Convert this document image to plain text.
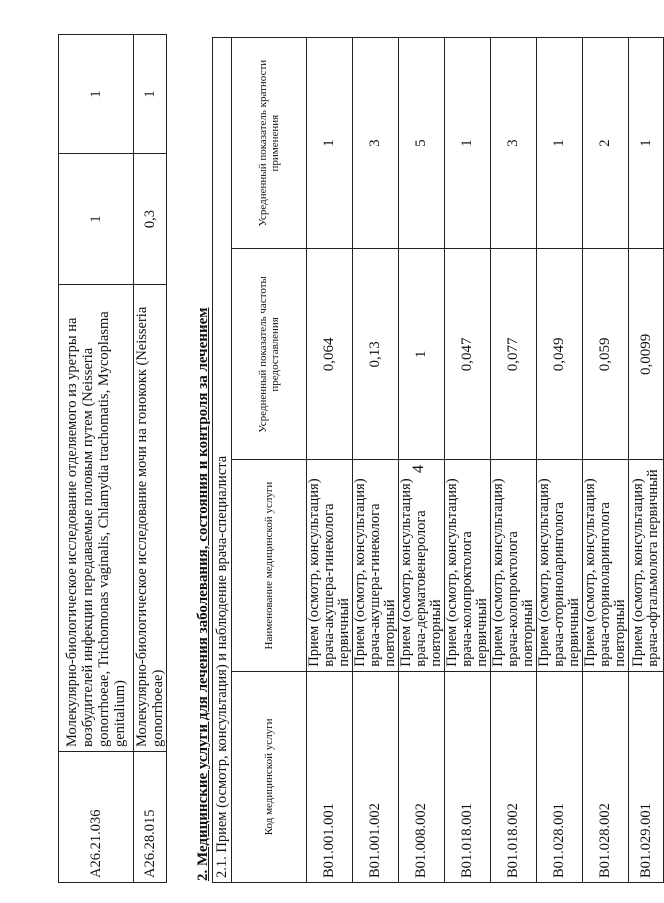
4
A26.21.036	Молекулярно-биологическое исследование отделяемого из уретры на возбудителей инфекции передаваемые половым путем (Neisseria gonorrhoeae, Trichomonas vaginalis, Chlamydia trachomatis, Mycoplasma genitalium)	1	1
A26.28.015	Молекулярно-биологическое исследование мочи на гонококк (Neisseria gonorrhoeae)	0,3	1
2. Медицинские услуги для лечения заболевания, состояния и контроля за лечением 2.1. Прием (осмотр, консультация) и наблюдение врача-специалиста			
Код медицинской услуги	Наименование медицинской услуги	Усредненный показатель частоты предоставления	Усредненный показатель кратности применения
B01.001.001	Прием (осмотр, консультация) врача-акушера-гинеколога первичный	0,064	1
B01.001.002	Прием (осмотр, консультация) врача-акушера-гинеколога повторный	0,13	3
B01.008.002	Прием (осмотр, консультация) врача-дерматовенеролога повторный	1	5
B01.018.001	Прием (осмотр, консультация) врача-колопроктолога первичный	0,047	1
B01.018.002	Прием (осмотр, консультация) врача-колопроктолога повторный	0,077	3
B01.028.001	Прием (осмотр, консультация) врача-оториноларинголога первичный	0,049	1
B01.028.002	Прием (осмотр, консультация) врача-оториноларинголога повторный	0,059	2
B01.029.001	Прием (осмотр, консультация) врача-офтальмолога первичный	0,0099	1
